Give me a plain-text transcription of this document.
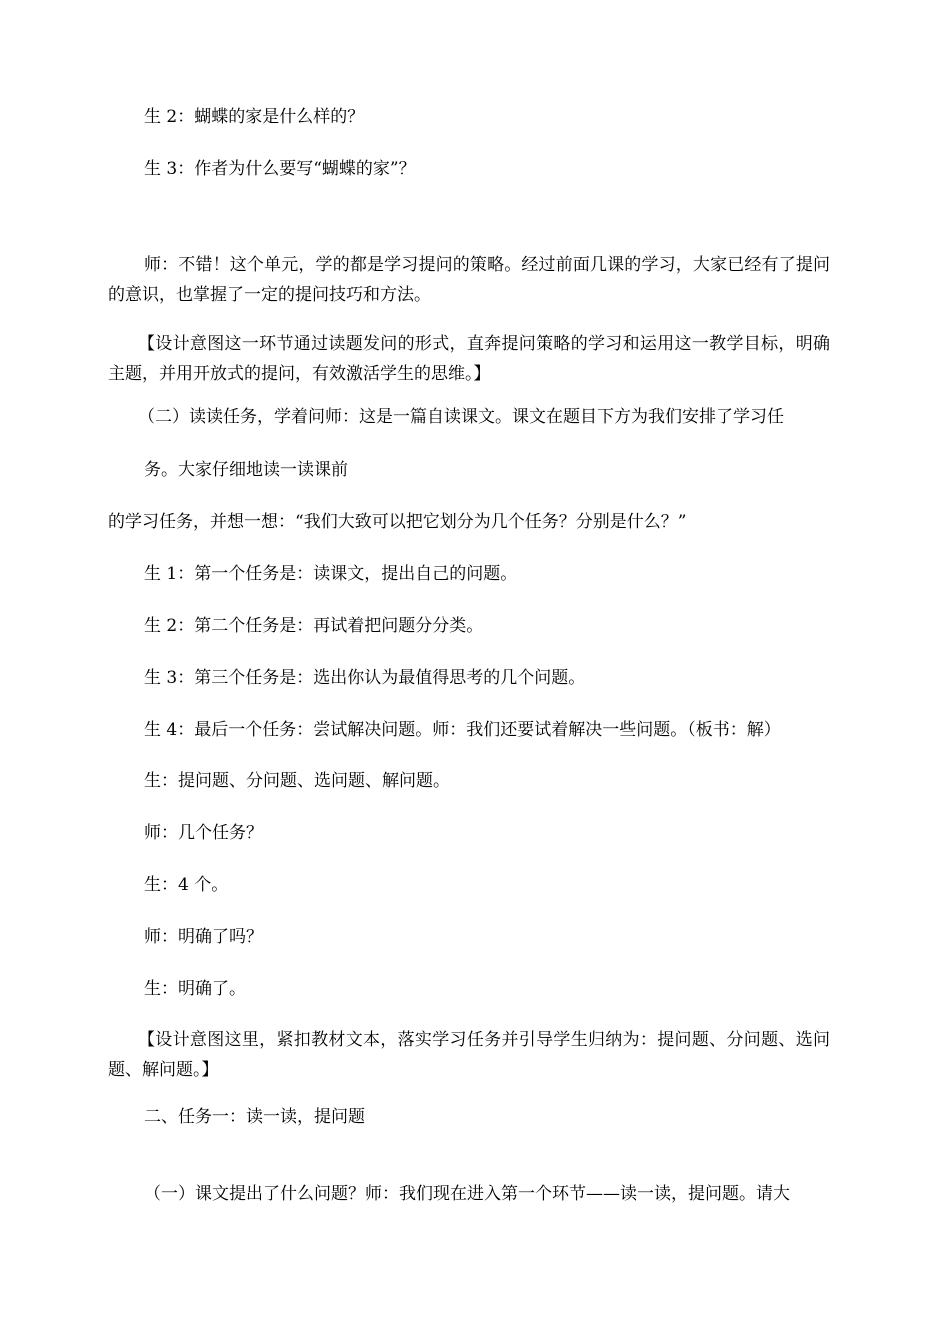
生 2：蝴蝶的家是什么样的？
生 3：作者为什么要写“蝴蝶的家”？
师：不错！这个单元，学的都是学习提问的策略。经过前面几课的学习，大家已经有了提问的意识，也掌握了一定的提问技巧和方法。
【设计意图这一环节通过读题发问的形式，直奔提问策略的学习和运用这一教学目标，明确主题，并用开放式的提问，有效激活学生的思维。】
（二）读读任务，学着问师：这是一篇自读课文。课文在题目下方为我们安排了学习任
务。大家仔细地读一读课前
的学习任务，并想一想：“我们大致可以把它划分为几个任务？分别是什么？”
生 1：第一个任务是：读课文，提出自己的问题。
生 2：第二个任务是：再试着把问题分分类。
生 3：第三个任务是：选出你认为最值得思考的几个问题。
生 4：最后一个任务：尝试解决问题。师：我们还要试着解决一些问题。（板书：解）
生：提问题、分问题、选问题、解问题。
师：几个任务？
生：4 个。
师：明确了吗？
生：明确了。
【设计意图这里，紧扣教材文本，落实学习任务并引导学生归纳为：提问题、分问题、选问题、解问题。】
二、任务一：读一读，提问题
（一）课文提出了什么问题？师：我们现在进入第一个环节——读一读，提问题。请大
